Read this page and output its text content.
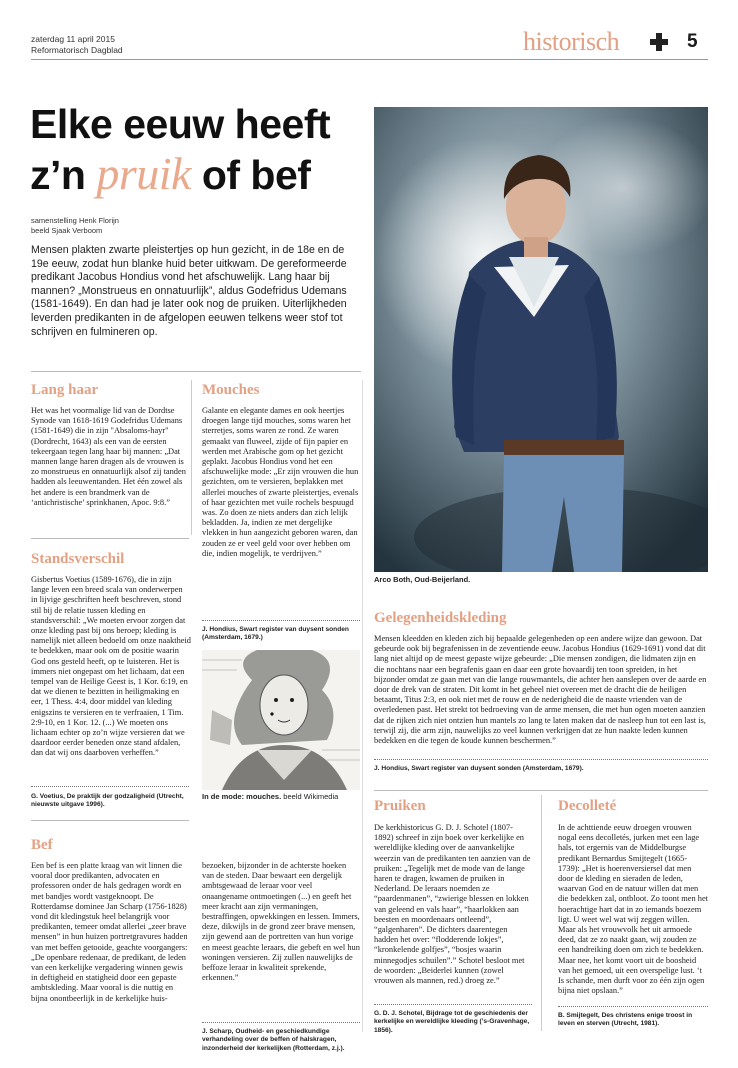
zaterdag 11 april 2015
Reformatorisch Dagblad	historisch	5
Elke eeuw heeft
z’n pruik of bef
samenstelling Henk Florijn
beeld Sjaak Verboom
Mensen plakten zwarte pleistertjes op hun gezicht, in de 18e en de 19e eeuw, zodat hun blanke huid beter uitkwam. De gereformeerde predikant Jacobus Hondius vond het afschuwelijk. Lang haar bij mannen? „Monstrueus en onnatuurlijk”, aldus Godefridus Udemans (1581-1649). En dan had je later ook nog de pruiken. Uiterlijkheden leverden predikanten in de afgelopen eeuwen telkens weer stof tot schrijven en fulmineren op.
Arco Both, Oud-Beijerland.
Lang haar
Het was het voormalige lid van de Dordtse Synode van 1618-1619 Godefridus Udemans (1581-1649) die in zijn "Absaloms-hayr" (Dordrecht, 1643) als een van de eersten tekeergaan tegen lang haar bij mannen: „Dat mannen lange haren dragen als de vrouwen is zo monstrueus en onnatuurlijk alsof zij tanden hadden als leeuwentanden. Het één zowel als het andere is een brandmerk van de ‘antichristische’ sprinkhanen, Apoc. 9:8.”
Standsverschil
Gisbertus Voetius (1589-1676), die in zijn lange leven een breed scala van onderwerpen in lijvige geschriften heeft beschreven, stond stil bij de relatie tussen kleding en standsverschil: „We moeten ervoor zorgen dat onze kleding past bij ons beroep; kleding is namelijk niet alleen bedoeld om onze naaktheid te bedekken, maar ook om de positie waarin God ons gesteld heeft, op te luisteren. Het is immers niet ongepast om het lichaam, dat een tempel van de Heilige Geest is, 1 Kor. 6:19, en dat we dienen te bezitten in heiligmaking en eer, 1 Thess. 4:4, door middel van kleding enigszins te versieren en te verfraaien, 1 Tim. 2:9-10, en 1 Kor. 12. (...) We moeten ons lichaam echter op zo’n wijze versieren dat we daardoor eerder beneden onze stand afdalen, dan dat wij ons daarboven verheffen.”
G. Voetius, De praktijk der godzaligheid (Utrecht, nieuwste uitgave 1996).
Mouches
Galante en elegante dames en ook heertjes droegen lange tijd mouches, soms waren het sterretjes, soms waren ze rond. Ze waren gemaakt van fluweel, zijde of fijn papier en werden met Arabische gom op het gezicht geplakt. Jacobus Hondius vond het een afschuwelijke mode: „Er zijn vrouwen die hun gezichten, om te versieren, beplakken met allerlei mouches of zwarte pleistertjes, evenals of haar gezichten met vuile rochels bespuugd was. Zo doen ze niets anders dan zich lelijk bekladden. Ja, indien ze met dergelijke vlekken in hun aangezicht geboren waren, dan zouden ze er veel geld voor over hebben om die, indien mogelijk, te verdrijven.”
J. Hondius, Swart register van duysent sonden (Amsterdam, 1679.)
In de mode: mouches. beeld Wikimedia
Gelegenheidskleding
Mensen kleedden en kleden zich bij bepaalde gelegenheden op een andere wijze dan gewoon. Dat gebeurde ook bij begrafenissen in de zeventiende eeuw. Jacobus Hondius (1629-1691) vond dat dit lang niet altijd op de meest gepaste wijze gebeurde: „Die mensen zondigen, die lidmaten zijn en die nochtans naar een begrafenis gaan en daar een grote hovaardij ten toon spreiden, in het bijzonder omdat ze gaan met van die lange rouwmantels, die achter hen aanslepen over de aarde en door de drek van de straten. Dit komt in het geheel niet overeen met de dracht die de heiligen betaamt, Titus 2:3, en ook niet met de rouw en de nederigheid die de naaste vrienden van de overledenen past. Het strekt tot bedroeving van de arme mensen, die met hun ogen moeten aanzien dat de rijken zich niet ontzien hun mantels zo lang te laten maken dat de nasleep hun tot een last is, terwijl zij, die arm zijn, nauwelijks zo veel kunnen verkrijgen dat ze hun naakte leden kunnen bedekken en die tegen de koude kunnen beschermen.”
J. Hondius, Swart register van duysent sonden (Amsterdam, 1679).
Bef
Een bef is een platte kraag van wit linnen die vooral door predikanten, advocaten en professoren onder de hals gedragen wordt en met bandjes wordt vastgeknoopt. De Rotterdamse dominee Jan Scharp (1756-1828) vond dit kledingstuk heel belangrijk voor predikanten, temeer omdat allerlei „zeer brave mensen” in hun huizen portretgravures hadden van met beffen getooide, geachte voorgangers: „De openbare redenaar, de predikant, de leden van een kerkelijke vergadering winnen gewis in deftigheid en statigheid door een gepaste ambtskleding. Maar vooral is die nuttig en bijna onontbeerlijk in de kerkelijke huis-
bezoeken, bijzonder in de achterste hoeken van de steden. Daar bewaart een dergelijk ambtsgewaad de leraar voor veel onaangename ontmoetingen (...) en geeft het meer kracht aan zijn vermaningen, bestraffingen, opwekkingen en lessen. Immers, deze, dikwijls in de grond zeer brave mensen, zijn gewend aan de portretten van hun vorige en meest geachte leraars, die gebeft en wel hun woningen versieren. Zij zullen nauwelijks de beffoze leraar in kwaliteit sprekende, erkennen.”
J. Scharp, Oudheid- en geschiedkundige verhandeling over de beffen of halskragen, inzonderheid der kerkelijken (Rotterdam, z.j.).
Pruiken
De kerkhistoricus G. D. J. Schotel (1807-1892) schreef in zijn boek over kerkelijke en wereldlijke kleding over de aanvankelijke weerzin van de predikanten ten aanzien van de pruiken: „Tegelijk met de mode van de lange haren te dragen, kwamen de pruiken in Nederland. De leraars noemden ze “paardenmanen”, “zwierige blessen en lokken van geleend en vals haar”, “haarlokken aan beesten en moordenaars ontleend”, “galgenharen”. De dichters daarentegen hadden het over: “flodderende lokjes”, “kronkelende golfjes”, “bosjes waarin minnegodjes schuilen”.” Schotel besloot met de woorden: „Beiderlei kunnen (zowel vrouwen als mannen, red.) droeg ze.”
G. D. J. Schotel, Bijdrage tot de geschiedenis der kerkelijke en wereldlijke kleeding (’s-Gravenhage, 1856).
Decolleté
In de achttiende eeuw droegen vrouwen nogal eens decolletés, jurken met een lage hals, tot ergernis van de Middelburgse predikant Bernardus Smijtegelt (1665-1739): „Het is hoerenversiersel dat men door de kleding en sieraden de leden, waarvan God en de natuur willen dat men die bedekken zal, ontbloot. Zo toont men het hoerachtige hart dat in zo iemands boezem ligt. U weet wel wat wij zeggen willen. Maar als het vrouwvolk het uit armoede deed, dat ze zo naakt gaan, wij zouden ze een handreiking doen om zich te bedekken. Maar nee, het komt voort uit de boosheid van het gemoed, uit een overspelige lust. ‘t Is schande, men durft voor zo één zijn ogen bijna niet opslaan.”
B. Smijtegelt, Des christens enige troost in leven en sterven (Utrecht, 1981).
